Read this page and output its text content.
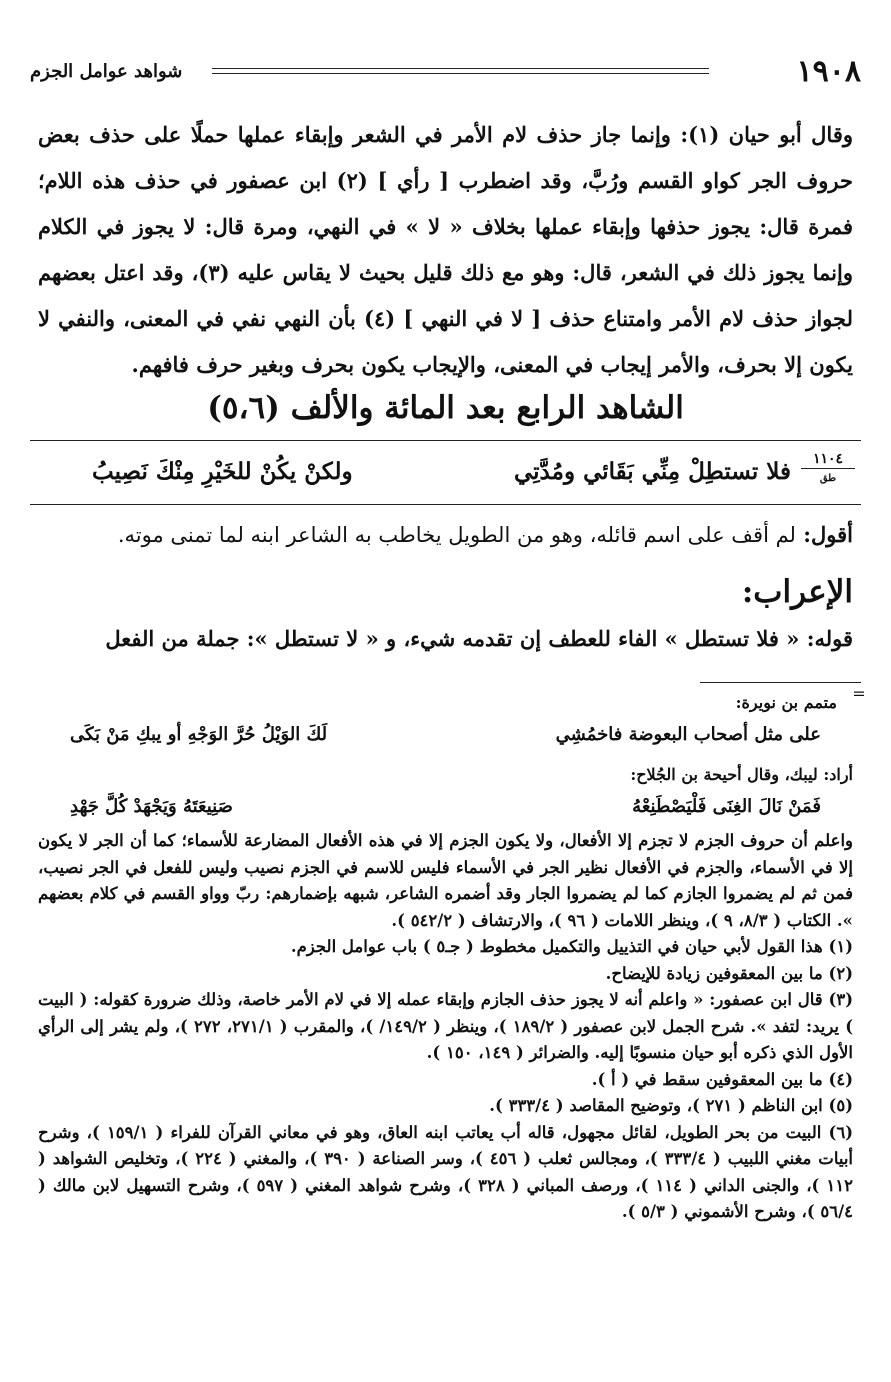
١٩٠٨
شواهد عوامل الجزم
وقال أبو حيان (١): وإنما جاز حذف لام الأمر في الشعر وإبقاء عملها حملًا على حذف بعض حروف الجر كواو القسم ورُبَّ، وقد اضطرب [ رأي ] (٢) ابن عصفور في حذف هذه اللام؛ فمرة قال: يجوز حذفها وإبقاء عملها بخلاف « لا » في النهي، ومرة قال: لا يجوز في الكلام وإنما يجوز ذلك في الشعر، قال: وهو مع ذلك قليل بحيث لا يقاس عليه (٣)، وقد اعتل بعضهم لجواز حذف لام الأمر وامتناع حذف [ لا في النهي ] (٤) بأن النهي نفي في المعنى، والنفي لا يكون إلا بحرف، والأمر إيجاب في المعنى، والإيجاب يكون بحرف وبغير حرف فافهم.
الشاهد الرابع بعد المائة والألف (٥،٦)
١١٠٤
طق
فلا تستطِلْ مِنِّي بَقَائي ومُدَّتِي
ولكنْ يكُنْ للخَيْرِ مِنْكَ نَصِيبُ
أقول: لم أقف على اسم قائله، وهو من الطويل يخاطب به الشاعر ابنه لما تمنى موته.
الإعراب:
قوله: « فلا تستطل » الفاء للعطف إن تقدمه شيء، و « لا تستطل »: جملة من الفعل
=
متمم بن نويرة:
على مثل أصحاب البعوضة فاخمُشِي
لَكَ الوَيْلُ حُرَّ الوَجْهِ أو يبكِ مَنْ بَكَى
أراد: ليبك، وقال أحيحة بن الجُلاح:
فَمَنْ نَالَ الغِنَى فَلْيَصْطَنِعْهُ
صَنِيعَتَهُ وَيَجْهَدْ كُلَّ جَهْدِ

واعلم أن حروف الجزم لا تجزم إلا الأفعال، ولا يكون الجزم إلا في هذه الأفعال المضارعة للأسماء؛ كما أن الجر لا يكون إلا في الأسماء، والجزم في الأفعال نظير الجر في الأسماء فليس للاسم في الجزم نصيب وليس للفعل في الجر نصيب، فمن ثم لم يضمروا الجازم كما لم يضمروا الجار وقد أضمره الشاعر، شبهه بإضمارهم: ربّ وواو القسم في كلام بعضهم ». الكتاب ( ٨/٣، ٩ )، وينظر اللامات ( ٩٦ )، والارتشاف ( ٥٤٢/٢ ).

(١) هذا القول لأبي حيان في التذييل والتكميل مخطوط ( جـ٥ ) باب عوامل الجزم.

(٢) ما بين المعقوفين زيادة للإيضاح.

(٣) قال ابن عصفور: « واعلم أنه لا يجوز حذف الجازم وإبقاء عمله إلا في لام الأمر خاصة، وذلك ضرورة كقوله: ( البيت ) يريد: لتفد ». شرح الجمل لابن عصفور ( ١٨٩/٢ )، وينظر ( ١٤٩/٢/ )، والمقرب ( ٢٧١/١، ٢٧٢ )، ولم يشر إلى الرأي الأول الذي ذكره أبو حيان منسوبًا إليه. والضرائر ( ١٤٩، ١٥٠ ).

(٤) ما بين المعقوفين سقط في ( أ ).

(٥) ابن الناظم ( ٢٧١ )، وتوضيح المقاصد ( ٣٣٣/٤ ).

(٦) البيت من بحر الطويل، لقائل مجهول، قاله أب يعاتب ابنه العاق، وهو في معاني القرآن للفراء ( ١٥٩/١ )، وشرح أبيات مغني اللبيب ( ٣٣٣/٤ )، ومجالس ثعلب ( ٤٥٦ )، وسر الصناعة ( ٣٩٠ )، والمغني ( ٢٢٤ )، وتخليص الشواهد ( ١١٢ )، والجنى الداني ( ١١٤ )، ورصف المباني ( ٣٢٨ )، وشرح شواهد المغني ( ٥٩٧ )، وشرح التسهيل لابن مالك ( ٥٦/٤ )، وشرح الأشموني ( ٥/٣ ).
